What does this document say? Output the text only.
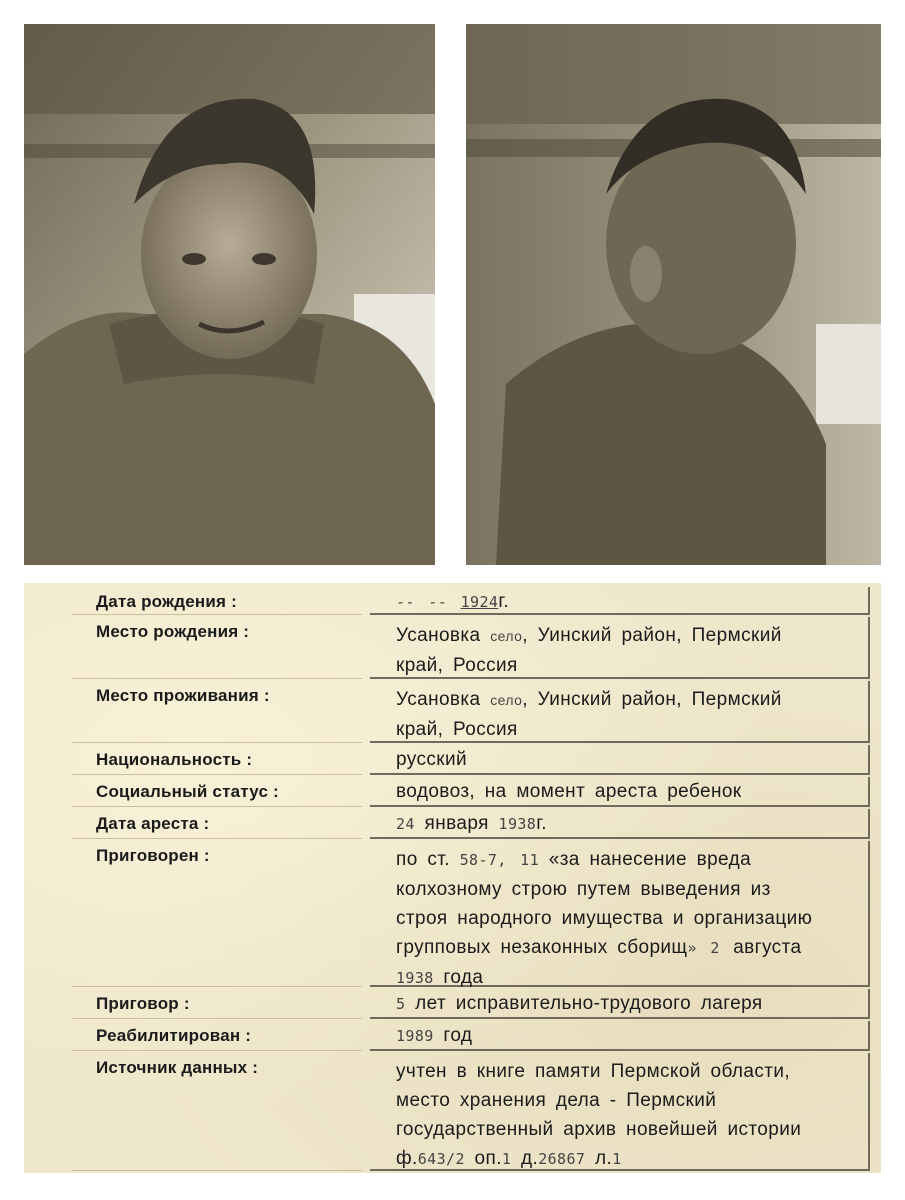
Дата рождения :	-- -- 1924г.
Место рождения :	Усановка село, Уинский район, Пермский
край, Россия
Место проживания :	Усановка село, Уинский район, Пермский
край, Россия
Национальность :	русский
Социальный статус :	водовоз, на момент ареста ребенок
Дата ареста :	24 января 1938г.
Приговорен :	по ст. 58-7, 11 «за нанесение вреда
колхозному строю путем выведения из
строя народного имущества и организацию
групповых незаконных сборищ» 2 августа
1938 года
Приговор :	5 лет исправительно-трудового лагеря
Реабилитирован :	1989 год
Источник данных :	учтен в книге памяти Пермской области,
место хранения дела - Пермский
государственный архив новейшей истории
ф.643/2 оп.1 д.26867 л.1
